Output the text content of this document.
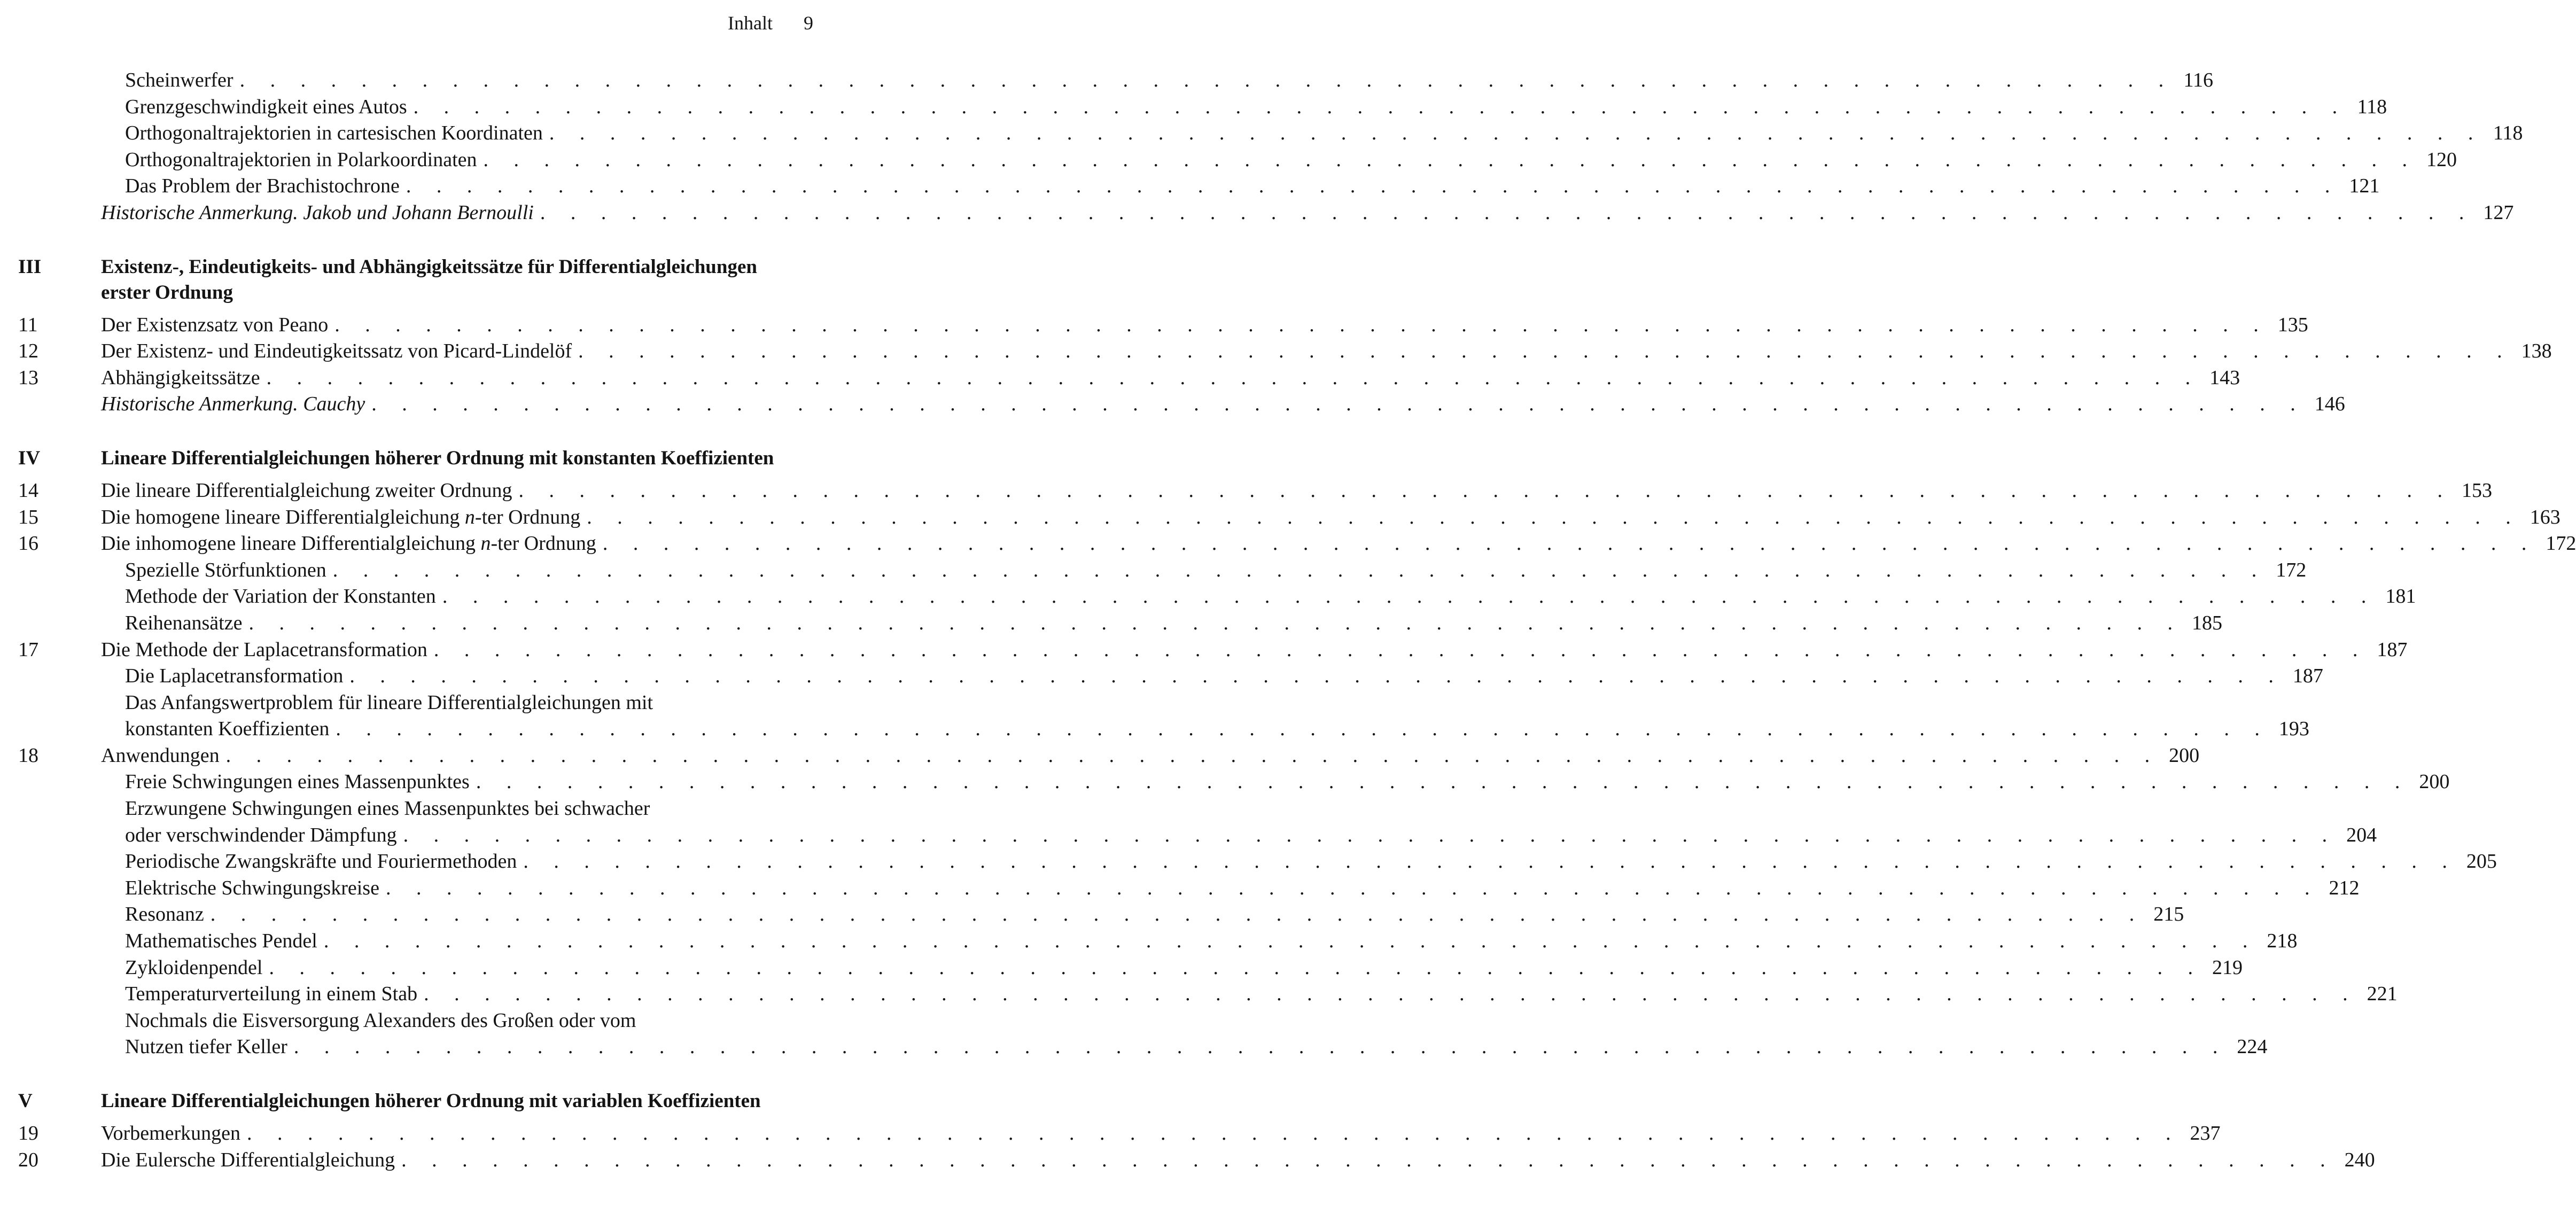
Inhalt 9
Scheinwerfer . . . . . . . . . . . . . . . . . . . . . . . . . . . . . . . . . . . . . . . . . . . . . . . . . . . . . . . . . . . . . . . . 116
Grenzgeschwindigkeit eines Autos . . . . . . . . . . . . . . . . . . . . . . . . . . . . . . . . . . . . . . . . . . . . . . . . . . . . . . . . . . . . . . . . 118
Orthogonaltrajektorien in cartesischen Koordinaten . . . . . . . . . . . . . . . . . . . . . . . . . . . . . . . . . . . . . . . . . . . . . . . . . . . . . . . . . . . . . . . . 118
Orthogonaltrajektorien in Polarkoordinaten . . . . . . . . . . . . . . . . . . . . . . . . . . . . . . . . . . . . . . . . . . . . . . . . . . . . . . . . . . . . . . . . 120
Das Problem der Brachistochrone . . . . . . . . . . . . . . . . . . . . . . . . . . . . . . . . . . . . . . . . . . . . . . . . . . . . . . . . . . . . . . . . 121
Historische Anmerkung. Jakob und Johann Bernoulli . . . . . . . . . . . . . . . . . . . . . . . . . . . . . . . . . . . . . . . . . . . . . . . . . . . . . . . . . . . . . . . . 127
III	Existenz-, Eindeutigkeits- und Abhängigkeitssätze für Differentialgleichungen erster Ordnung
11	Der Existenzsatz von Peano . . . . . . . . . . . . . . . . . . . . . . . . . . . . . . . . . . . . . . . . . . . . . . . . . . . . . . . . . . . . . . . . 135
12	Der Existenz- und Eindeutigkeitssatz von Picard-Lindelöf . . . . . . . . . . . . . . . . . . . . . . . . . . . . . . . . . . . . . . . . . . . . . . . . . . . . . . . . . . . . . . . . 138
13	Abhängigkeitssätze . . . . . . . . . . . . . . . . . . . . . . . . . . . . . . . . . . . . . . . . . . . . . . . . . . . . . . . . . . . . . . . . 143
Historische Anmerkung. Cauchy . . . . . . . . . . . . . . . . . . . . . . . . . . . . . . . . . . . . . . . . . . . . . . . . . . . . . . . . . . . . . . . . 146
IV	Lineare Differentialgleichungen höherer Ordnung mit konstanten Koeffizienten
14	Die lineare Differentialgleichung zweiter Ordnung . . . . . . . . . . . . . . . . . . . . . . . . . . . . . . . . . . . . . . . . . . . . . . . . . . . . . . . . . . . . . . . . 153
15	Die homogene lineare Differentialgleichung n-ter Ordnung . . . . . . . . . . . . . . . . . . . . . . . . . . . . . . . . . . . . . . . . . . . . . . . . . . . . . . . . . . . . . . . . 163
16	Die inhomogene lineare Differentialgleichung n-ter Ordnung . . . . . . . . . . . . . . . . . . . . . . . . . . . . . . . . . . . . . . . . . . . . . . . . . . . . . . . . . . . . . . . . 172
Spezielle Störfunktionen . . . . . . . . . . . . . . . . . . . . . . . . . . . . . . . . . . . . . . . . . . . . . . . . . . . . . . . . . . . . . . . . 172
Methode der Variation der Konstanten . . . . . . . . . . . . . . . . . . . . . . . . . . . . . . . . . . . . . . . . . . . . . . . . . . . . . . . . . . . . . . . . 181
Reihenansätze . . . . . . . . . . . . . . . . . . . . . . . . . . . . . . . . . . . . . . . . . . . . . . . . . . . . . . . . . . . . . . . . 185
17	Die Methode der Laplacetransformation . . . . . . . . . . . . . . . . . . . . . . . . . . . . . . . . . . . . . . . . . . . . . . . . . . . . . . . . . . . . . . . . 187
Die Laplacetransformation . . . . . . . . . . . . . . . . . . . . . . . . . . . . . . . . . . . . . . . . . . . . . . . . . . . . . . . . . . . . . . . . 187
Das Anfangswertproblem für lineare Differentialgleichungen mit
konstanten Koeffizienten . . . . . . . . . . . . . . . . . . . . . . . . . . . . . . . . . . . . . . . . . . . . . . . . . . . . . . . . . . . . . . . . 193
18	Anwendungen . . . . . . . . . . . . . . . . . . . . . . . . . . . . . . . . . . . . . . . . . . . . . . . . . . . . . . . . . . . . . . . . 200
Freie Schwingungen eines Massenpunktes . . . . . . . . . . . . . . . . . . . . . . . . . . . . . . . . . . . . . . . . . . . . . . . . . . . . . . . . . . . . . . . . 200
Erzwungene Schwingungen eines Massenpunktes bei schwacher
oder verschwindender Dämpfung . . . . . . . . . . . . . . . . . . . . . . . . . . . . . . . . . . . . . . . . . . . . . . . . . . . . . . . . . . . . . . . . 204
Periodische Zwangskräfte und Fouriermethoden . . . . . . . . . . . . . . . . . . . . . . . . . . . . . . . . . . . . . . . . . . . . . . . . . . . . . . . . . . . . . . . . 205
Elektrische Schwingungskreise . . . . . . . . . . . . . . . . . . . . . . . . . . . . . . . . . . . . . . . . . . . . . . . . . . . . . . . . . . . . . . . . 212
Resonanz . . . . . . . . . . . . . . . . . . . . . . . . . . . . . . . . . . . . . . . . . . . . . . . . . . . . . . . . . . . . . . . . 215
Mathematisches Pendel . . . . . . . . . . . . . . . . . . . . . . . . . . . . . . . . . . . . . . . . . . . . . . . . . . . . . . . . . . . . . . . . 218
Zykloidenpendel . . . . . . . . . . . . . . . . . . . . . . . . . . . . . . . . . . . . . . . . . . . . . . . . . . . . . . . . . . . . . . . . 219
Temperaturverteilung in einem Stab . . . . . . . . . . . . . . . . . . . . . . . . . . . . . . . . . . . . . . . . . . . . . . . . . . . . . . . . . . . . . . . . 221
Nochmals die Eisversorgung Alexanders des Großen oder vom
Nutzen tiefer Keller . . . . . . . . . . . . . . . . . . . . . . . . . . . . . . . . . . . . . . . . . . . . . . . . . . . . . . . . . . . . . . . . 224
V	Lineare Differentialgleichungen höherer Ordnung mit variablen Koeffizienten
19	Vorbemerkungen . . . . . . . . . . . . . . . . . . . . . . . . . . . . . . . . . . . . . . . . . . . . . . . . . . . . . . . . . . . . . . . . 237
20	Die Eulersche Differentialgleichung . . . . . . . . . . . . . . . . . . . . . . . . . . . . . . . . . . . . . . . . . . . . . . . . . . . . . . . . . . . . . . . . 240
